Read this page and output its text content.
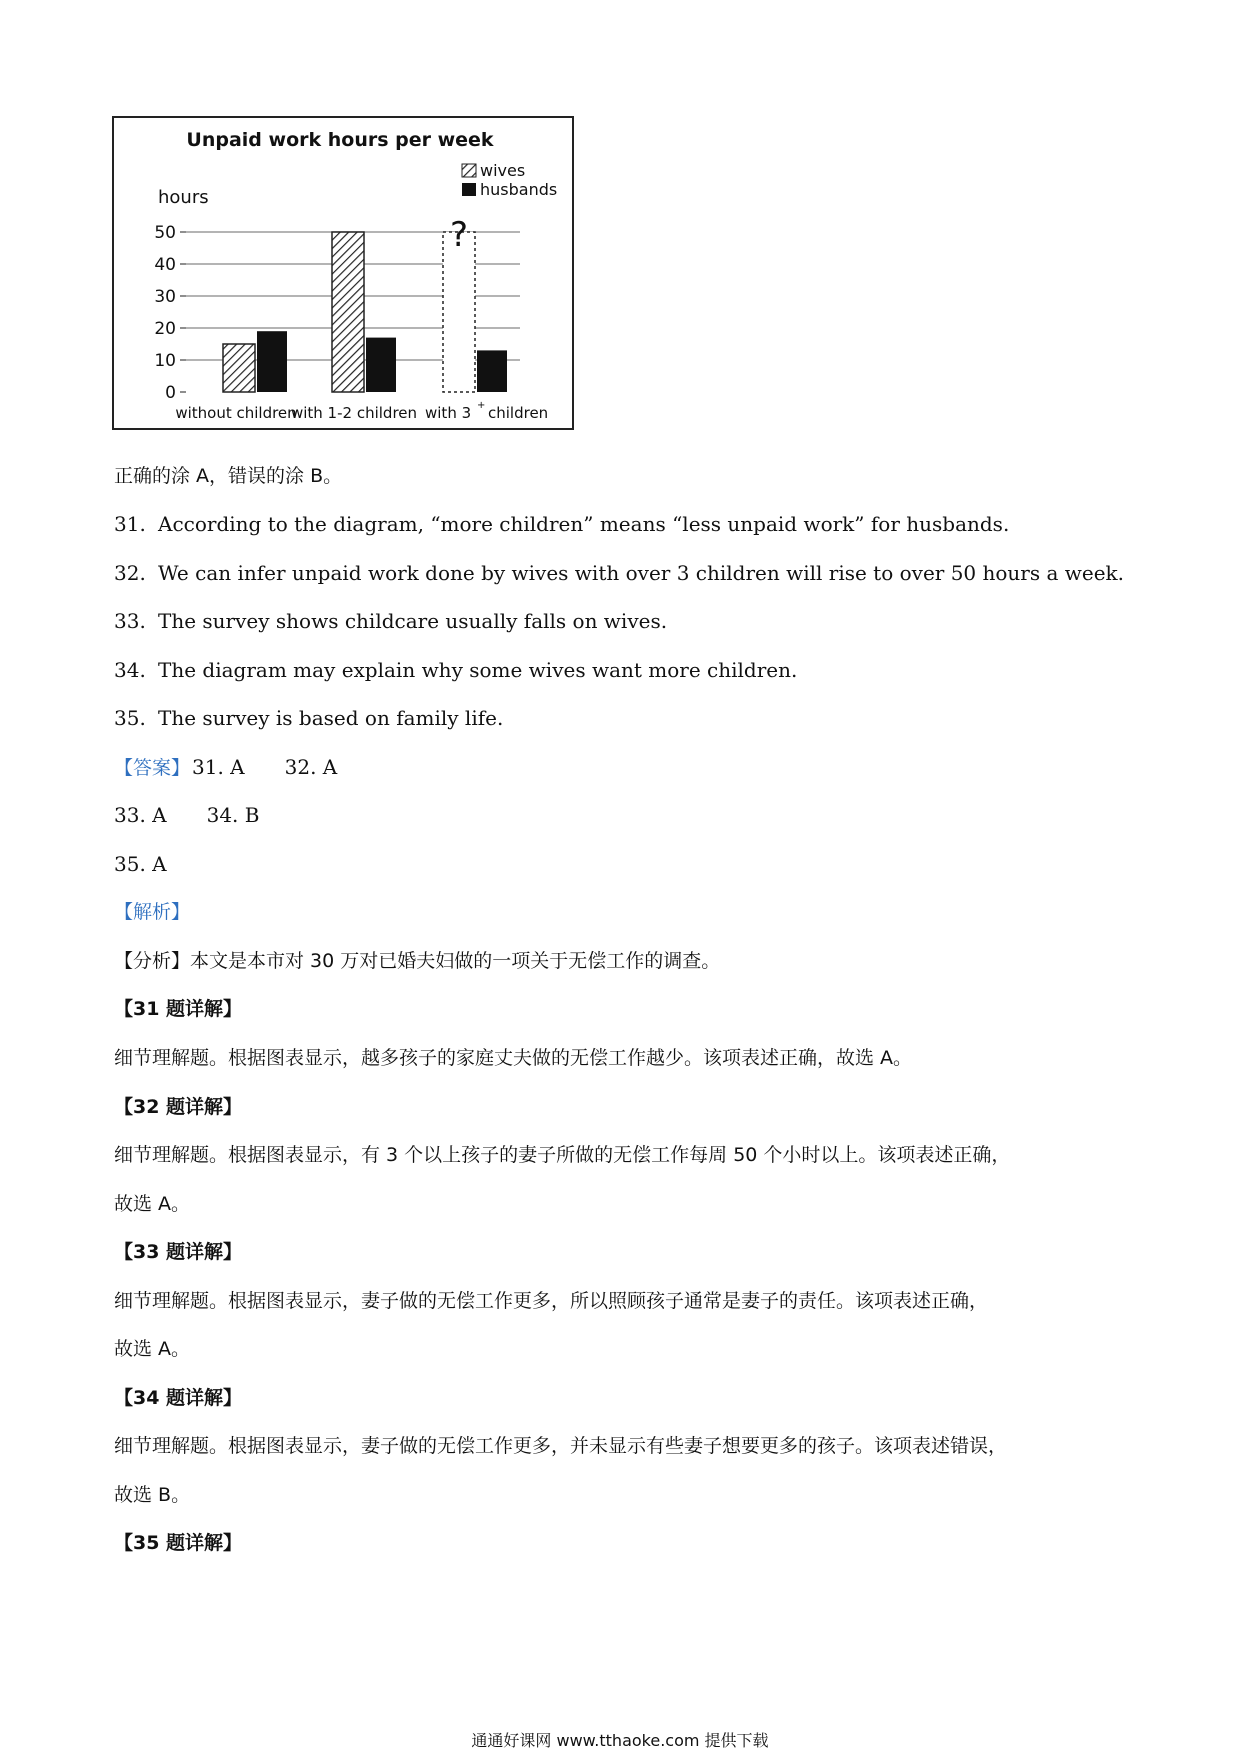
Unpaid work hours per week
hours
wives
husbands
0
10
20
30
40
50	?
without children
with 1-2 children with 3 + children
正确的涂 A，错误的涂 B。
31. According to the diagram, “more children” means “less unpaid work” for husbands.
32. We can infer unpaid work done by wives with over 3 children will rise to over 50 hours a week.
33. The survey shows childcare usually falls on wives.
34. The diagram may explain why some wives want more children.
35. The survey is based on family life.
【答案】 31. A 32. A
33. A 34. B
35. A
【解析】
【分析】本文是本市对 30 万对已婚夫妇做的一项关于无偿工作的调查。
【31 题详解】
细节理解题。根据图表显示，越多孩子的家庭丈夫做的无偿工作越少。该项表述正确，故选 A。
【32 题详解】
细节理解题。根据图表显示，有 3 个以上孩子的妻子所做的无偿工作每周 50 个小时以上。该项表述正确，
故选 A。
【33 题详解】
细节理解题。根据图表显示，妻子做的无偿工作更多，所以照顾孩子通常是妻子的责任。该项表述正确，
故选 A。
【34 题详解】
细节理解题。根据图表显示，妻子做的无偿工作更多，并未显示有些妻子想要更多的孩子。该项表述错误，
故选 B。
【35 题详解】
通通好课网 www.tthaoke.com 提供下载
